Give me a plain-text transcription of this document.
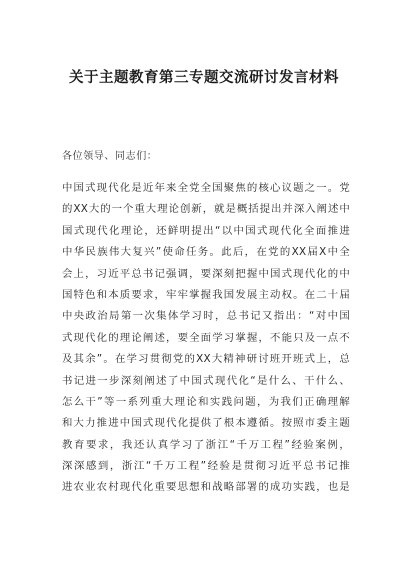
关于主题教育第三专题交流研讨发言材料

各位领导、同志们：

中国式现代化是近年来全党全国聚焦的核心议题之一。党
的XX大的一个重大理论创新，就是概括提出并深入阐述中
国式现代化理论，还鲜明提出“以中国式现代化全面推进
中华民族伟大复兴”使命任务。此后，在党的XX届X中全
会上，习近平总书记强调，要深刻把握中国式现代化的中
国特色和本质要求，牢牢掌握我国发展主动权。在二十届
中央政治局第一次集体学习时，总书记又指出：“对中国
式现代化的理论阐述，要全面学习掌握，不能只及一点不
及其余”。在学习贯彻党的XX大精神研讨班开班式上，总
书记进一步深刻阐述了中国式现代化“是什么、干什么、
怎么干”等一系列重大理论和实践问题，为我们正确理解
和大力推进中国式现代化提供了根本遵循。按照市委主题
教育要求，我还认真学习了浙江“千万工程”经验案例，
深深感到，浙江“千万工程”经验是贯彻习近平总书记推
进农业农村现代化重要思想和战略部署的成功实践，也是
